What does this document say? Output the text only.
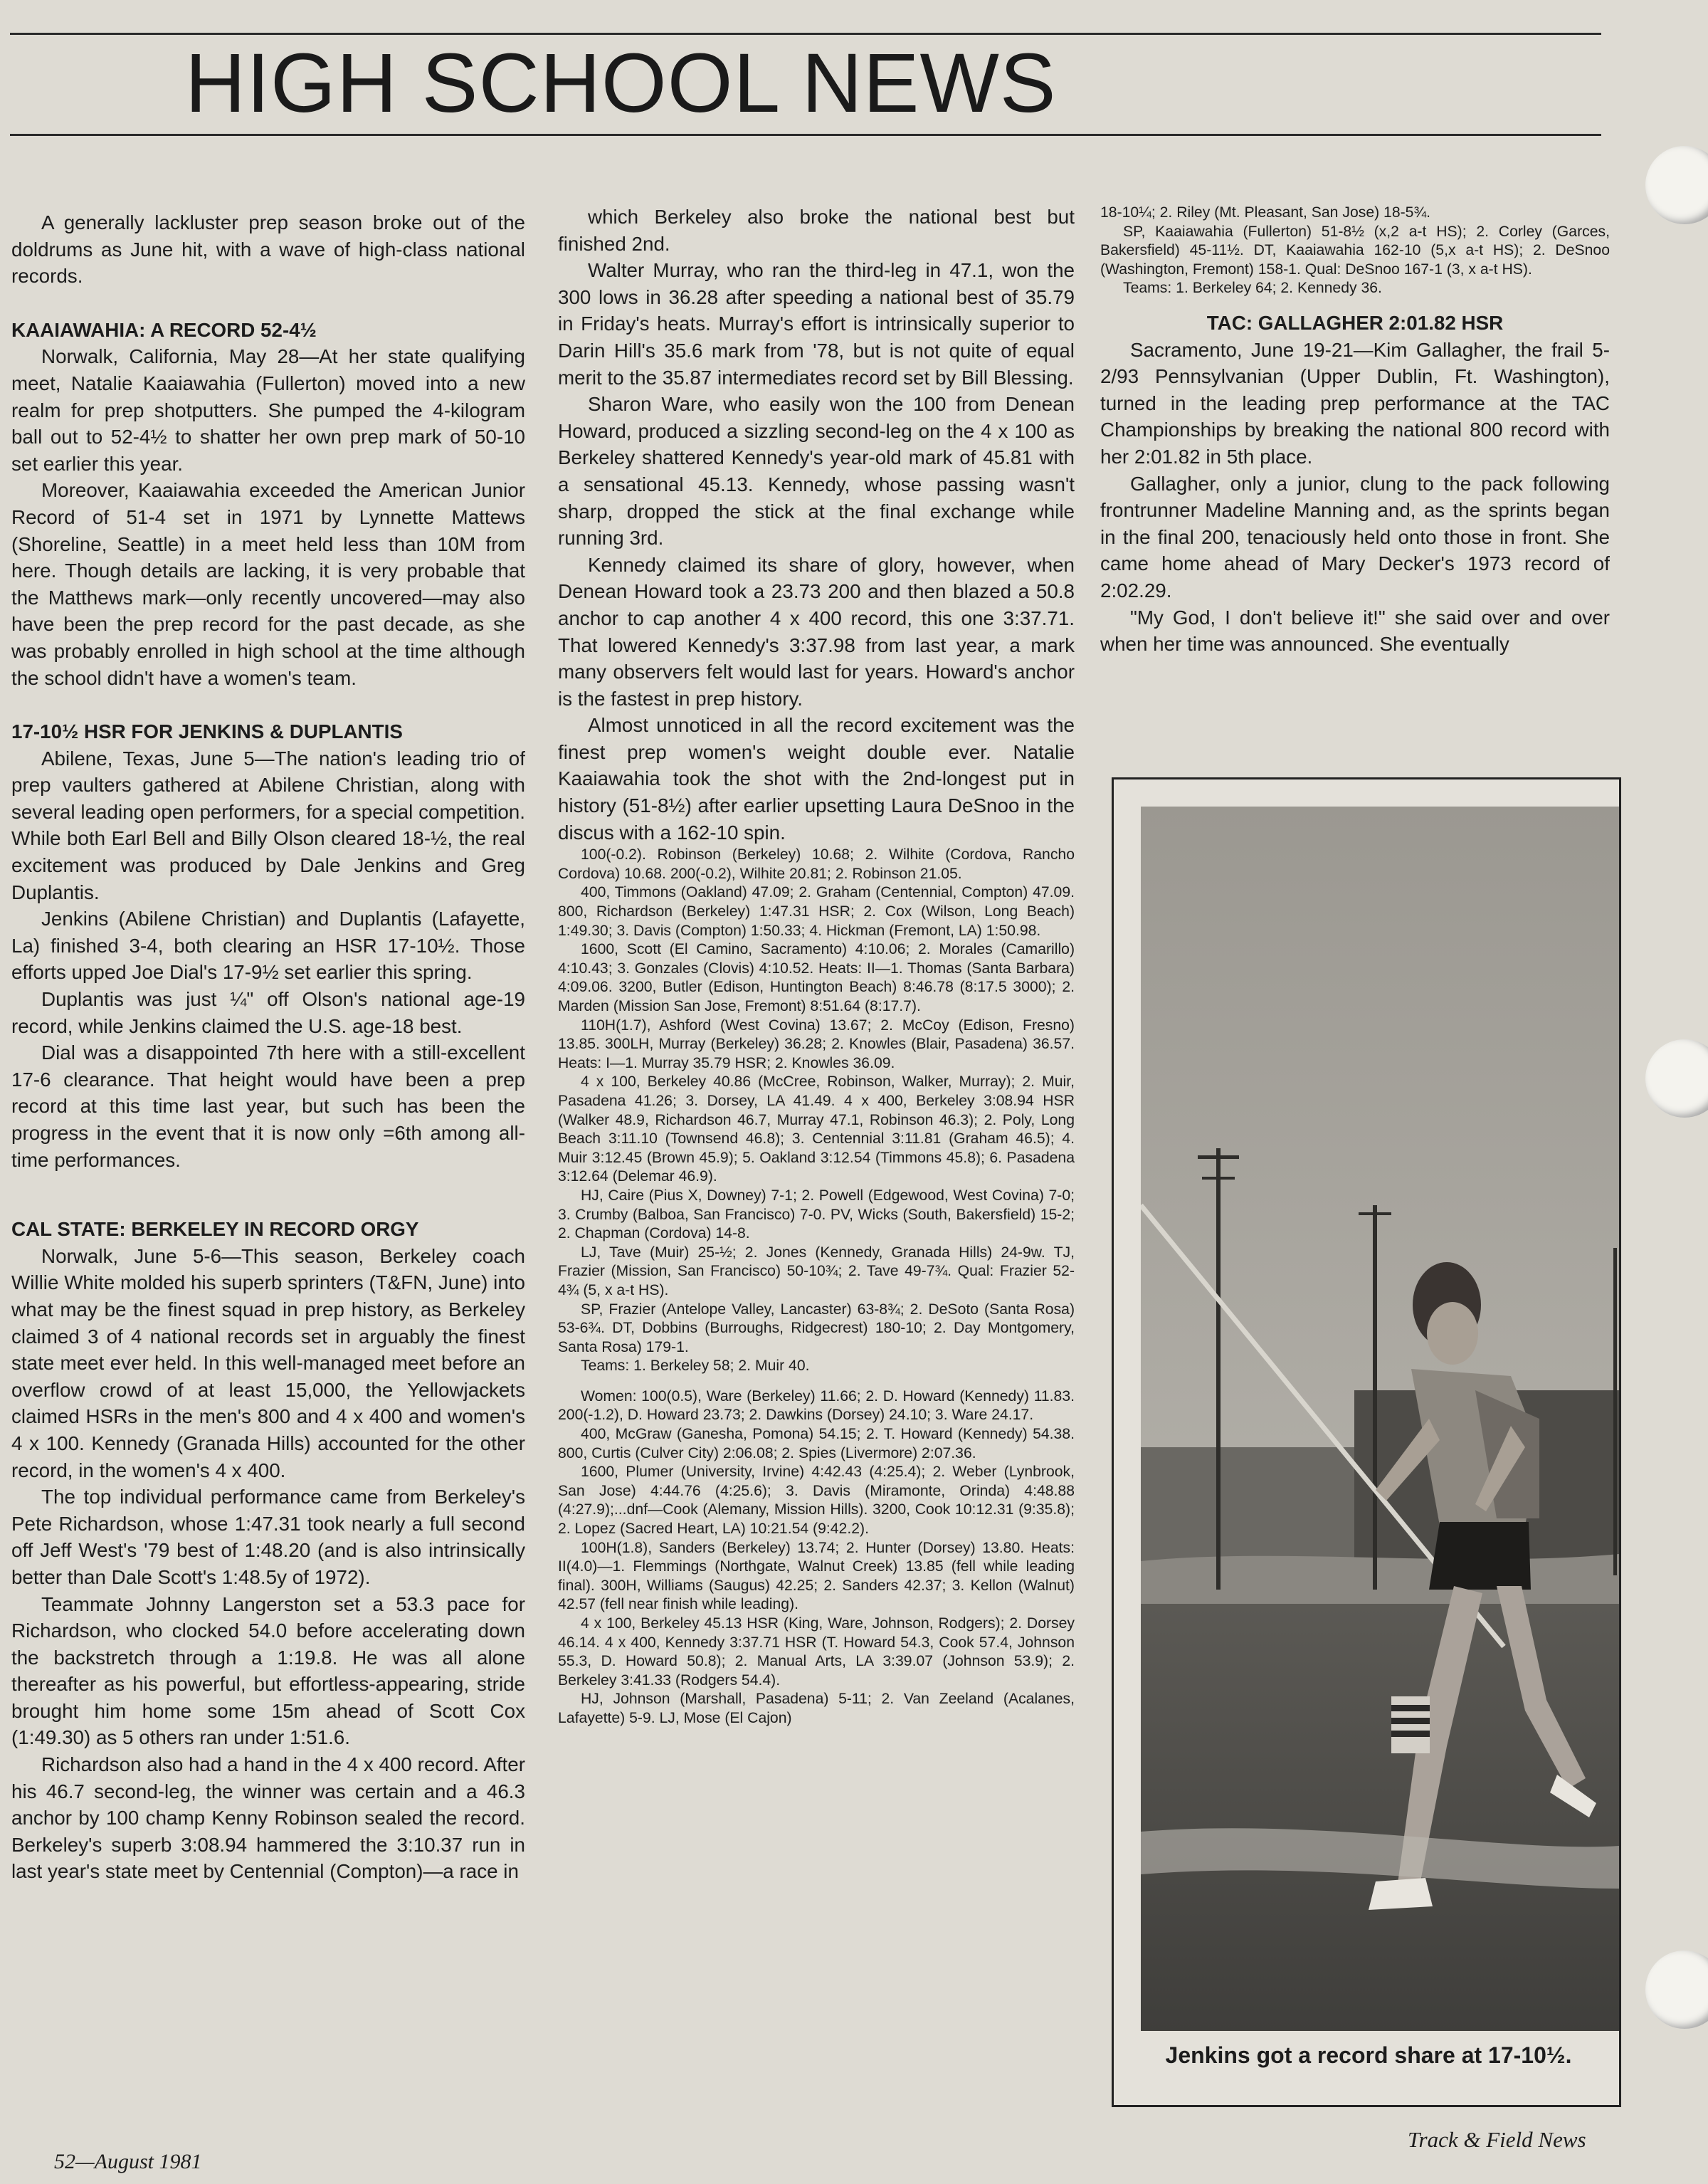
HIGH SCHOOL NEWS

A generally lackluster prep season broke out of the doldrums as June hit, with a wave of high-class national records.

KAAIAWAHIA: A RECORD 52-4½

Norwalk, California, May 28—At her state qualifying meet, Natalie Kaaiawahia (Fullerton) moved into a new realm for prep shotputters. She pumped the 4-kilogram ball out to 52-4½ to shatter her own prep mark of 50-10 set earlier this year.

Moreover, Kaaiawahia exceeded the American Junior Record of 51-4 set in 1971 by Lynnette Mattews (Shoreline, Seattle) in a meet held less than 10M from here. Though details are lacking, it is very probable that the Matthews mark—only recently uncovered—may also have been the prep record for the past decade, as she was probably enrolled in high school at the time although the school didn't have a women's team.

17-10½ HSR FOR JENKINS & DUPLANTIS

Abilene, Texas, June 5—The nation's leading trio of prep vaulters gathered at Abilene Christian, along with several leading open performers, for a special competition. While both Earl Bell and Billy Olson cleared 18-½, the real excitement was produced by Dale Jenkins and Greg Duplantis.

Jenkins (Abilene Christian) and Duplantis (Lafayette, La) finished 3-4, both clearing an HSR 17-10½. Those efforts upped Joe Dial's 17-9½ set earlier this spring.

Duplantis was just ¼" off Olson's national age-19 record, while Jenkins claimed the U.S. age-18 best.

Dial was a disappointed 7th here with a still-excellent 17-6 clearance. That height would have been a prep record at this time last year, but such has been the progress in the event that it is now only =6th among all-time performances.

CAL STATE: BERKELEY IN RECORD ORGY

Norwalk, June 5-6—This season, Berkeley coach Willie White molded his superb sprinters (T&FN, June) into what may be the finest squad in prep history, as Berkeley claimed 3 of 4 national records set in arguably the finest state meet ever held. In this well-managed meet before an overflow crowd of at least 15,000, the Yellowjackets claimed HSRs in the men's 800 and 4 x 400 and women's 4 x 100. Kennedy (Granada Hills) accounted for the other record, in the women's 4 x 400.

The top individual performance came from Berkeley's Pete Richardson, whose 1:47.31 took nearly a full second off Jeff West's '79 best of 1:48.20 (and is also intrinsically better than Dale Scott's 1:48.5y of 1972).

Teammate Johnny Langerston set a 53.3 pace for Richardson, who clocked 54.0 before accelerating down the backstretch through a 1:19.8. He was all alone thereafter as his powerful, but effortless-appearing, stride brought him home some 15m ahead of Scott Cox (1:49.30) as 5 others ran under 1:51.6.

Richardson also had a hand in the 4 x 400 record. After his 46.7 second-leg, the winner was certain and a 46.3 anchor by 100 champ Kenny Robinson sealed the record. Berkeley's superb 3:08.94 hammered the 3:10.37 run in last year's state meet by Centennial (Compton)—a race in

which Berkeley also broke the national best but finished 2nd.

Walter Murray, who ran the third-leg in 47.1, won the 300 lows in 36.28 after speeding a national best of 35.79 in Friday's heats. Murray's effort is intrinsically superior to Darin Hill's 35.6 mark from '78, but is not quite of equal merit to the 35.87 intermediates record set by Bill Blessing.

Sharon Ware, who easily won the 100 from Denean Howard, produced a sizzling second-leg on the 4 x 100 as Berkeley shattered Kennedy's year-old mark of 45.81 with a sensational 45.13. Kennedy, whose passing wasn't sharp, dropped the stick at the final exchange while running 3rd.

Kennedy claimed its share of glory, however, when Denean Howard took a 23.73 200 and then blazed a 50.8 anchor to cap another 4 x 400 record, this one 3:37.71. That lowered Kennedy's 3:37.98 from last year, a mark many observers felt would last for years. Howard's anchor is the fastest in prep history.

Almost unnoticed in all the record excitement was the finest prep women's weight double ever. Natalie Kaaiawahia took the shot with the 2nd-longest put in history (51-8½) after earlier upsetting Laura DeSnoo in the discus with a 162-10 spin.

100(-0.2). Robinson (Berkeley) 10.68; 2. Wilhite (Cordova, Rancho Cordova) 10.68. 200(-0.2), Wilhite 20.81; 2. Robinson 21.05.

400, Timmons (Oakland) 47.09; 2. Graham (Centennial, Compton) 47.09. 800, Richardson (Berkeley) 1:47.31 HSR; 2. Cox (Wilson, Long Beach) 1:49.30; 3. Davis (Compton) 1:50.33; 4. Hickman (Fremont, LA) 1:50.98.

1600, Scott (El Camino, Sacramento) 4:10.06; 2. Morales (Camarillo) 4:10.43; 3. Gonzales (Clovis) 4:10.52. Heats: II—1. Thomas (Santa Barbara) 4:09.06. 3200, Butler (Edison, Huntington Beach) 8:46.78 (8:17.5 3000); 2. Marden (Mission San Jose, Fremont) 8:51.64 (8:17.7).

110H(1.7), Ashford (West Covina) 13.67; 2. McCoy (Edison, Fresno) 13.85. 300LH, Murray (Berkeley) 36.28; 2. Knowles (Blair, Pasadena) 36.57. Heats: I—1. Murray 35.79 HSR; 2. Knowles 36.09.

4 x 100, Berkeley 40.86 (McCree, Robinson, Walker, Murray); 2. Muir, Pasadena 41.26; 3. Dorsey, LA 41.49. 4 x 400, Berkeley 3:08.94 HSR (Walker 48.9, Richardson 46.7, Murray 47.1, Robinson 46.3); 2. Poly, Long Beach 3:11.10 (Townsend 46.8); 3. Centennial 3:11.81 (Graham 46.5); 4. Muir 3:12.45 (Brown 45.9); 5. Oakland 3:12.54 (Timmons 45.8); 6. Pasadena 3:12.64 (Delemar 46.9).

HJ, Caire (Pius X, Downey) 7-1; 2. Powell (Edgewood, West Covina) 7-0; 3. Crumby (Balboa, San Francisco) 7-0. PV, Wicks (South, Bakersfield) 15-2; 2. Chapman (Cordova) 14-8.

LJ, Tave (Muir) 25-½; 2. Jones (Kennedy, Granada Hills) 24-9w. TJ, Frazier (Mission, San Francisco) 50-10¾; 2. Tave 49-7¾. Qual: Frazier 52-4¾ (5, x a-t HS).

SP, Frazier (Antelope Valley, Lancaster) 63-8¾; 2. DeSoto (Santa Rosa) 53-6¾. DT, Dobbins (Burroughs, Ridgecrest) 180-10; 2. Day Montgomery, Santa Rosa) 179-1.

Teams: 1. Berkeley 58; 2. Muir 40.

Women: 100(0.5), Ware (Berkeley) 11.66; 2. D. Howard (Kennedy) 11.83. 200(-1.2), D. Howard 23.73; 2. Dawkins (Dorsey) 24.10; 3. Ware 24.17.

400, McGraw (Ganesha, Pomona) 54.15; 2. T. Howard (Kennedy) 54.38. 800, Curtis (Culver City) 2:06.08; 2. Spies (Livermore) 2:07.36.

1600, Plumer (University, Irvine) 4:42.43 (4:25.4); 2. Weber (Lynbrook, San Jose) 4:44.76 (4:25.6); 3. Davis (Miramonte, Orinda) 4:48.88 (4:27.9);...dnf—Cook (Alemany, Mission Hills). 3200, Cook 10:12.31 (9:35.8); 2. Lopez (Sacred Heart, LA) 10:21.54 (9:42.2).

100H(1.8), Sanders (Berkeley) 13.74; 2. Hunter (Dorsey) 13.80. Heats: II(4.0)—1. Flemmings (Northgate, Walnut Creek) 13.85 (fell while leading final). 300H, Williams (Saugus) 42.25; 2. Sanders 42.37; 3. Kellon (Walnut) 42.57 (fell near finish while leading).

4 x 100, Berkeley 45.13 HSR (King, Ware, Johnson, Rodgers); 2. Dorsey 46.14. 4 x 400, Kennedy 3:37.71 HSR (T. Howard 54.3, Cook 57.4, Johnson 55.3, D. Howard 50.8); 2. Manual Arts, LA 3:39.07 (Johnson 53.9); 2. Berkeley 3:41.33 (Rodgers 54.4).

HJ, Johnson (Marshall, Pasadena) 5-11; 2. Van Zeeland (Acalanes, Lafayette) 5-9. LJ, Mose (El Cajon)

18-10¼; 2. Riley (Mt. Pleasant, San Jose) 18-5¾.

SP, Kaaiawahia (Fullerton) 51-8½ (x,2 a-t HS); 2. Corley (Garces, Bakersfield) 45-11½. DT, Kaaiawahia 162-10 (5,x a-t HS); 2. DeSnoo (Washington, Fremont) 158-1. Qual: DeSnoo 167-1 (3, x a-t HS).

Teams: 1. Berkeley 64; 2. Kennedy 36.

TAC: GALLAGHER 2:01.82 HSR

Sacramento, June 19-21—Kim Gallagher, the frail 5-2/93 Pennsylvanian (Upper Dublin, Ft. Washington), turned in the leading prep performance at the TAC Championships by breaking the national 800 record with her 2:01.82 in 5th place.

Gallagher, only a junior, clung to the pack following frontrunner Madeline Manning and, as the sprints began in the final 200, tenaciously held onto those in front. She came home ahead of Mary Decker's 1973 record of 2:02.29.

"My God, I don't believe it!" she said over and over when her time was announced. She eventually

Jenkins got a record share at 17-10½.
52—August 1981
Track & Field News
